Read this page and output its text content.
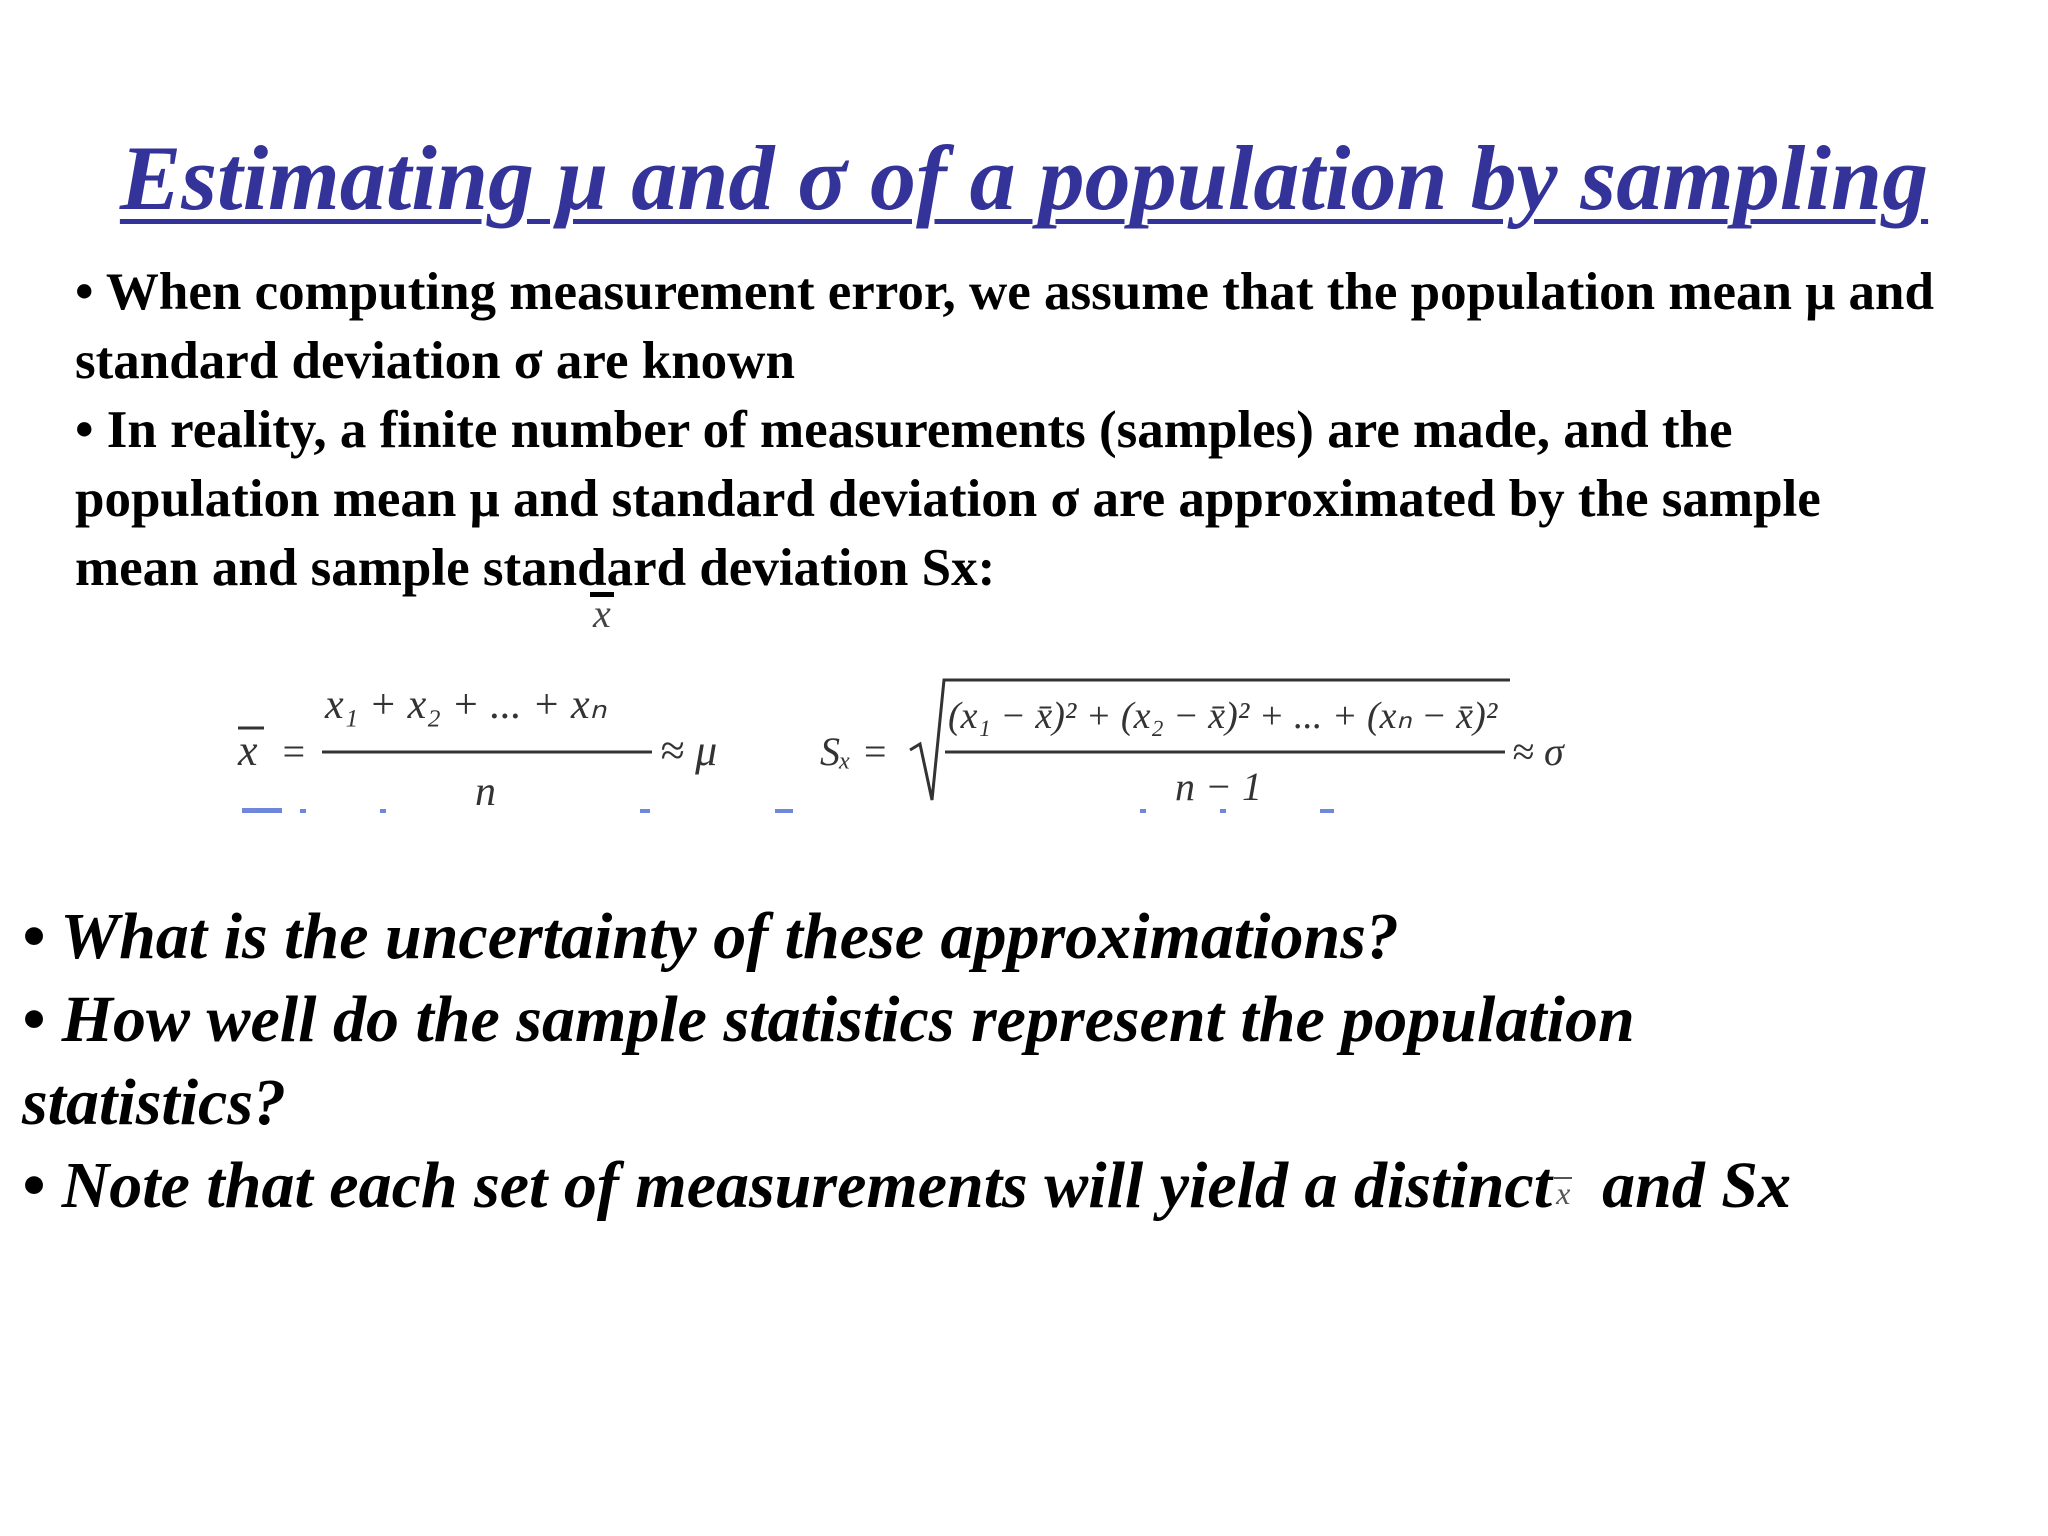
Estimating μ and σ of a population by sampling

• When computing measurement error, we assume that the population mean μ and standard deviation σ are known

• In reality, a finite number of measurements (samples) are made, and the population mean μ and standard deviation σ are approximated by the sample mean and sample standard deviation Sx:

x
x =
x₁ + x₂ + ... + xₙ
n
≈ μ	Sₓ =
(x₁ − x̄)² + (x₂ − x̄)² + ... + (xₙ − x̄)²
n − 1
≈ σ

• What is the uncertainty of these approximations?

• How well do the sample statistics represent the population

statistics?

• Note that each set of measurements will yield a distinct x and Sx
